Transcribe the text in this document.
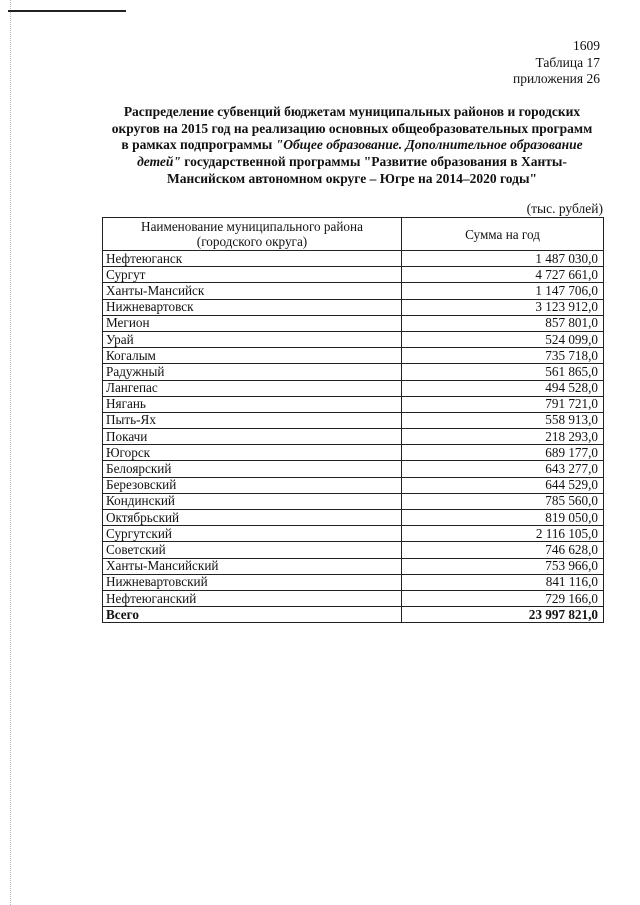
1609
Таблица 17
приложения 26
Распределение субвенций бюджетам муниципальных районов и городских
округов на 2015 год на реализацию основных общеобразовательных программ
в рамках подпрограммы "Общее образование. Дополнительное образование
детей" государственной программы "Развитие образования в Ханты-
Мансийском автономном округе – Югре на 2014–2020 годы"
(тыс. рублей)
Наименование муниципального района
(городского округа)	Сумма на год
Нефтеюганск	1 487 030,0
Сургут	4 727 661,0
Ханты-Мансийск	1 147 706,0
Нижневартовск	3 123 912,0
Мегион	857 801,0
Урай	524 099,0
Когалым	735 718,0
Радужный	561 865,0
Лангепас	494 528,0
Нягань	791 721,0
Пыть-Ях	558 913,0
Покачи	218 293,0
Югорск	689 177,0
Белоярский	643 277,0
Березовский	644 529,0
Кондинский	785 560,0
Октябрьский	819 050,0
Сургутский	2 116 105,0
Советский	746 628,0
Ханты-Мансийский	753 966,0
Нижневартовский	841 116,0
Нефтеюганский	729 166,0
Всего	23 997 821,0
